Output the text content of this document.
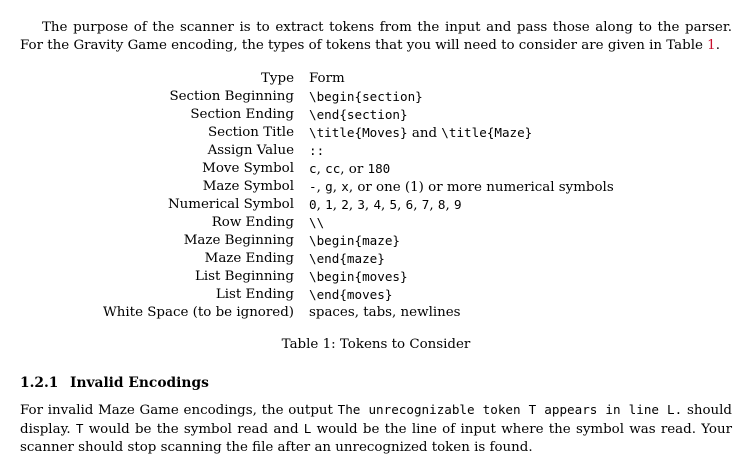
The purpose of the scanner is to extract tokens from the input and pass those along to the parser. For the Gravity Game encoding, the types of tokens that you will need to consider are given in Table 1.

Type Form
Section Beginning \begin{section}
Section Ending \end{section}
Section Title \title{Moves} and \title{Maze}
Assign Value ::
Move Symbol c, cc, or 180
Maze Symbol -, g, x, or one (1) or more numerical symbols
Numerical Symbol 0, 1, 2, 3, 4, 5, 6, 7, 8, 9
Row Ending \\
Maze Beginning \begin{maze}
Maze Ending \end{maze}
List Beginning \begin{moves}
List Ending \end{moves}
White Space (to be ignored) spaces, tabs, newlines
Table 1: Tokens to Consider
1.2.1 Invalid Encodings

For invalid Maze Game encodings, the output The unrecognizable token T appears in line L. should display. T would be the symbol read and L would be the line of input where the symbol was read. Your scanner should stop scanning the file after an unrecognized token is found.
